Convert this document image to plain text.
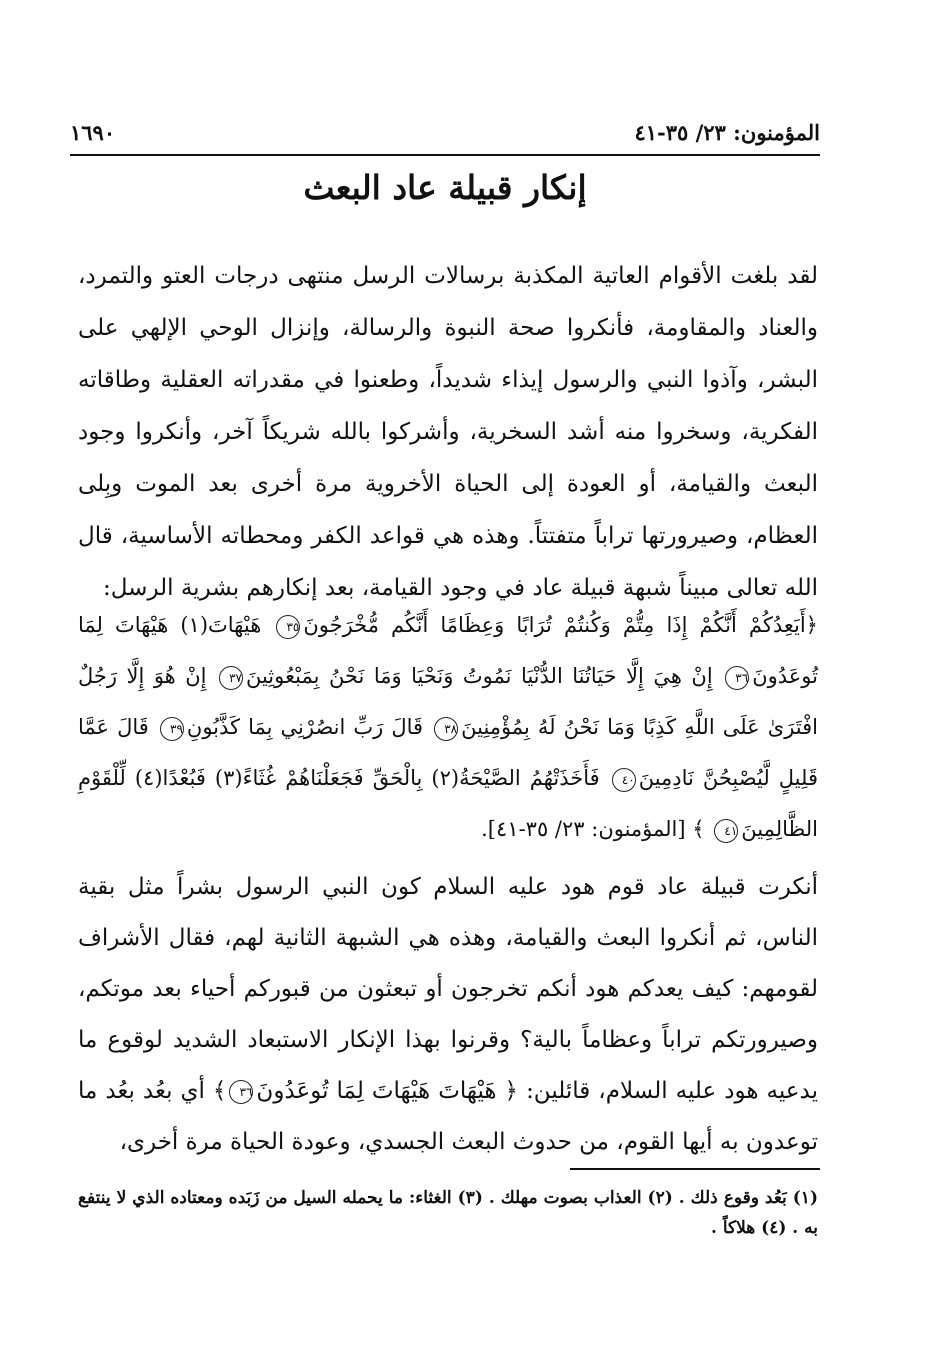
المؤمنون: ٢٣/ ٣٥-٤١
١٦٩٠
إنكار قبيلة عاد البعث

لقد بلغت الأقوام العاتية المكذبة برسالات الرسل منتهى درجات العتو والتمرد، والعناد والمقاومة، فأنكروا صحة النبوة والرسالة، وإنزال الوحي الإلهي على البشر، وآذوا النبي والرسول إيذاء شديداً، وطعنوا في مقدراته العقلية وطاقاته الفكرية، وسخروا منه أشد السخرية، وأشركوا بالله شريكاً آخر، وأنكروا وجود البعث والقيامة، أو العودة إلى الحياة الأخروية مرة أخرى بعد الموت وبِلى العظام، وصيرورتها تراباً متفتتاً. وهذه هي قواعد الكفر ومحطاته الأساسية، قال الله تعالى مبيناً شبهة قبيلة عاد في وجود القيامة، بعد إنكارهم بشرية الرسل:

﴿أَيَعِدُكُمْ أَنَّكُمْ إِذَا مِتُّمْ وَكُنتُمْ تُرَابًا وَعِظَامًا أَنَّكُم مُّخْرَجُونَ٣٥ هَيْهَاتَ(١) هَيْهَاتَ لِمَا تُوعَدُونَ٣٦ إِنْ هِيَ إِلَّا حَيَاتُنَا الدُّنْيَا نَمُوتُ وَنَحْيَا وَمَا نَحْنُ بِمَبْعُوثِينَ٣٧ إِنْ هُوَ إِلَّا رَجُلٌ افْتَرَىٰ عَلَى اللَّهِ كَذِبًا وَمَا نَحْنُ لَهُ بِمُؤْمِنِينَ٣٨ قَالَ رَبِّ انصُرْنِي بِمَا كَذَّبُونِ٣٩ قَالَ عَمَّا قَلِيلٍ لَّيُصْبِحُنَّ نَادِمِينَ٤٠ فَأَخَذَتْهُمُ الصَّيْحَةُ(٢) بِالْحَقِّ فَجَعَلْنَاهُمْ غُثَاءً(٣) فَبُعْدًا(٤) لِّلْقَوْمِ الظَّالِمِينَ٤١ ﴾ [المؤمنون: ٢٣/ ٣٥-٤١].

أنكرت قبيلة عاد قوم هود عليه السلام كون النبي الرسول بشراً مثل بقية الناس، ثم أنكروا البعث والقيامة، وهذه هي الشبهة الثانية لهم، فقال الأشراف لقومهم: كيف يعدكم هود أنكم تخرجون أو تبعثون من قبوركم أحياء بعد موتكم، وصيرورتكم تراباً وعظاماً بالية؟ وقرنوا بهذا الإنكار الاستبعاد الشديد لوقوع ما يدعيه هود عليه السلام، قائلين: ﴿ هَيْهَاتَ هَيْهَاتَ لِمَا تُوعَدُونَ٣٦﴾ أي بعُد بعُد ما توعدون به أيها القوم، من حدوث البعث الجسدي، وعودة الحياة مرة أخرى،

(١) بَعُد وقوع ذلك . (٢) العذاب بصوت مهلك . (٣) الغثاء: ما يحمله السيل من زَبَده ومعتاده الذي لا ينتفع به . (٤) هلاكاً .
